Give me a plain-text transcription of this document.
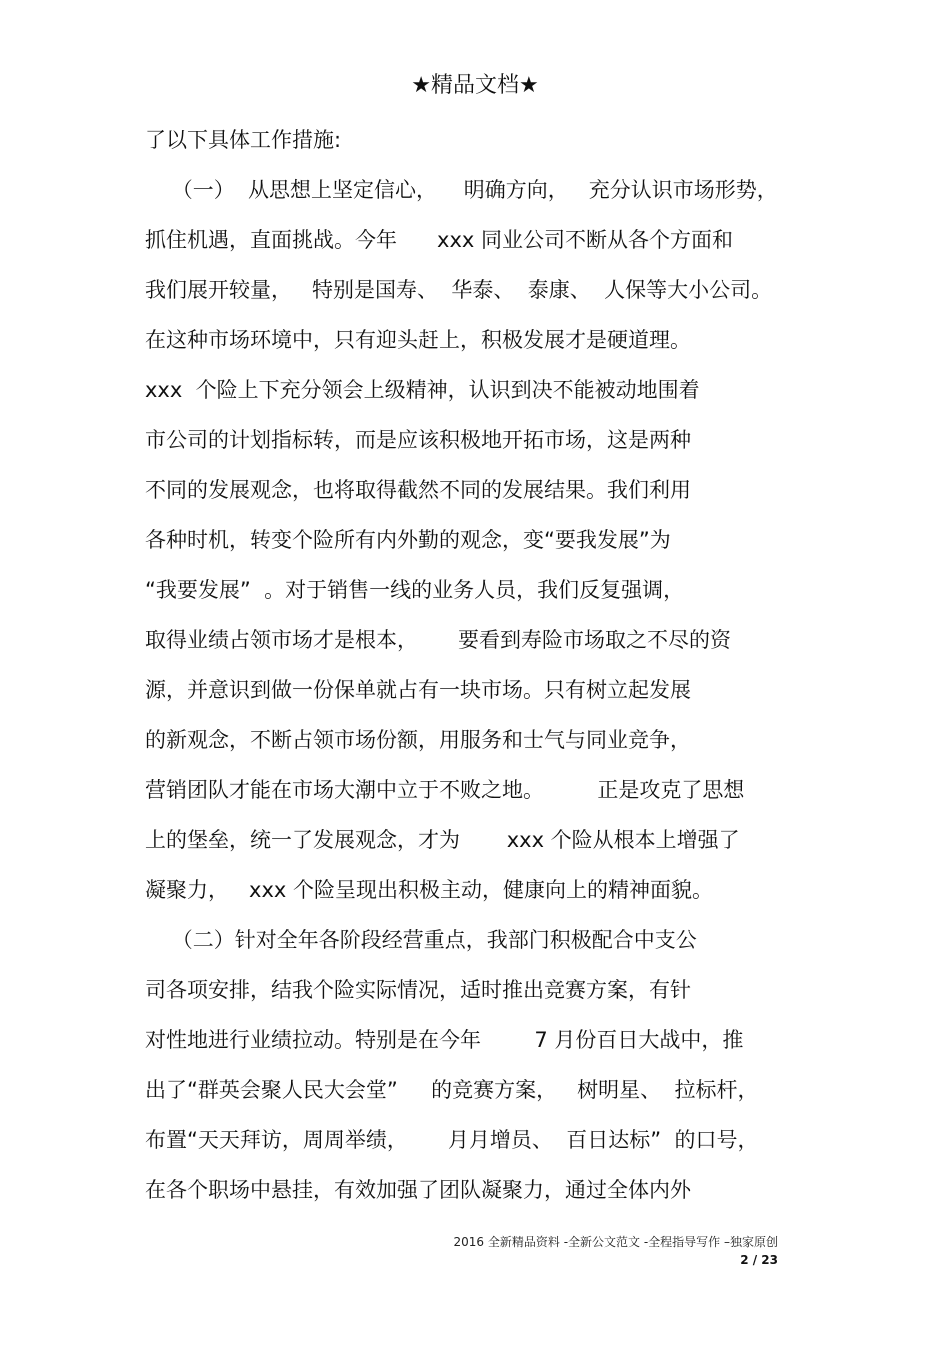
★精品文档★
了以下具体工作措施:
（一）  从思想上坚定信心，    明确方向，   充分认识市场形势，
抓住机遇，直面挑战。今年      xxx 同业公司不断从各个方面和
我们展开较量，   特别是国寿、  华泰、  泰康、  人保等大小公司。
在这种市场环境中，只有迎头赶上，积极发展才是硬道理。
xxx  个险上下充分领会上级精神，认识到决不能被动地围着
市公司的计划指标转，而是应该积极地开拓市场，这是两种
不同的发展观念，也将取得截然不同的发展结果。我们利用
各种时机，转变个险所有内外勤的观念，变“要我发展”为
“我要发展”  。对于销售一线的业务人员，我们反复强调，
取得业绩占领市场才是根本，      要看到寿险市场取之不尽的资
源，并意识到做一份保单就占有一块市场。只有树立起发展
的新观念，不断占领市场份额，用服务和士气与同业竞争，
营销团队才能在市场大潮中立于不败之地。        正是攻克了思想
上的堡垒，统一了发展观念，才为       xxx 个险从根本上增强了
凝聚力，   xxx 个险呈现出积极主动，健康向上的精神面貌。
（二）针对全年各阶段经营重点，我部门积极配合中支公
司各项安排，结我个险实际情况，适时推出竞赛方案，有针
对性地进行业绩拉动。特别是在今年        7 月份百日大战中，推
出了“群英会聚人民大会堂”     的竞赛方案，   树明星、  拉标杆，
布置“天天拜访，周周举绩，      月月增员、  百日达标”  的口号，
在各个职场中悬挂，有效加强了团队凝聚力，通过全体内外
2016 全新精品资料 -全新公文范文 -全程指导写作 –独家原创
2 / 23
